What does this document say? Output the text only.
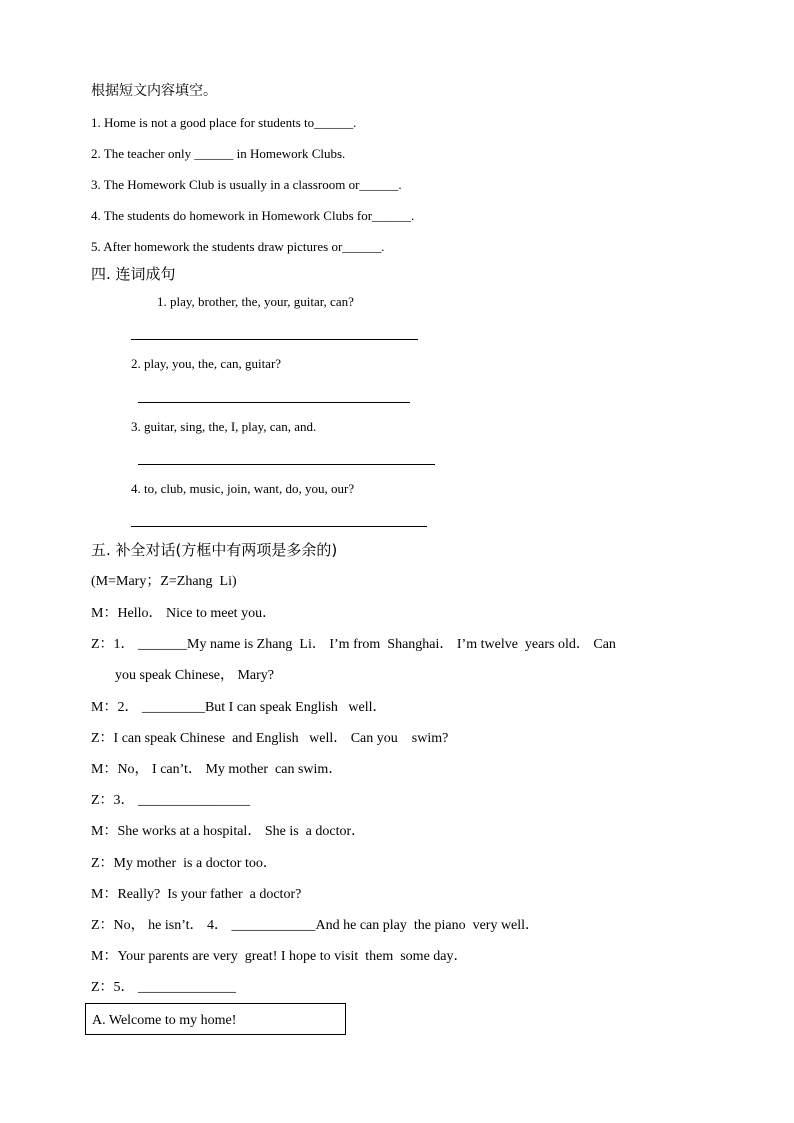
根据短文内容填空。
1. Home is not a good place for students to______.
2. The teacher only ______ in Homework Clubs.
3. The Homework Club is usually in a classroom or______.
4. The students do homework in Homework Clubs for______.
5. After homework the students draw pictures or______.
四. 连词成句
1. play, brother, the, your, guitar, can?
2. play, you, the, can, guitar?
3. guitar, sing, the, I, play, can, and.
4. to, club, music, join, want, do, you, our?
五. 补全对话(方框中有两项是多余的)
(M=Mary；Z=Zhang  Li)
M：Hello． Nice to meet you．
Z：1． _______My name is Zhang  Li． I’m from  Shanghai． I’m twelve  years old． Can
you speak Chinese， Mary?
M：2． _________But I can speak English   well．
Z：I can speak Chinese  and English   well． Can you    swim?
M：No， I can’t． My mother  can swim．
Z：3． ________________
M：She works at a hospital． She is  a doctor．
Z：My mother  is a doctor too．
M：Really?  Is your father  a doctor?
Z：No， he isn’t． 4． ____________And he can play  the piano  very well．
M：Your parents are very  great! I hope to visit  them  some day．
Z：5． ______________
A. Welcome to my home!
